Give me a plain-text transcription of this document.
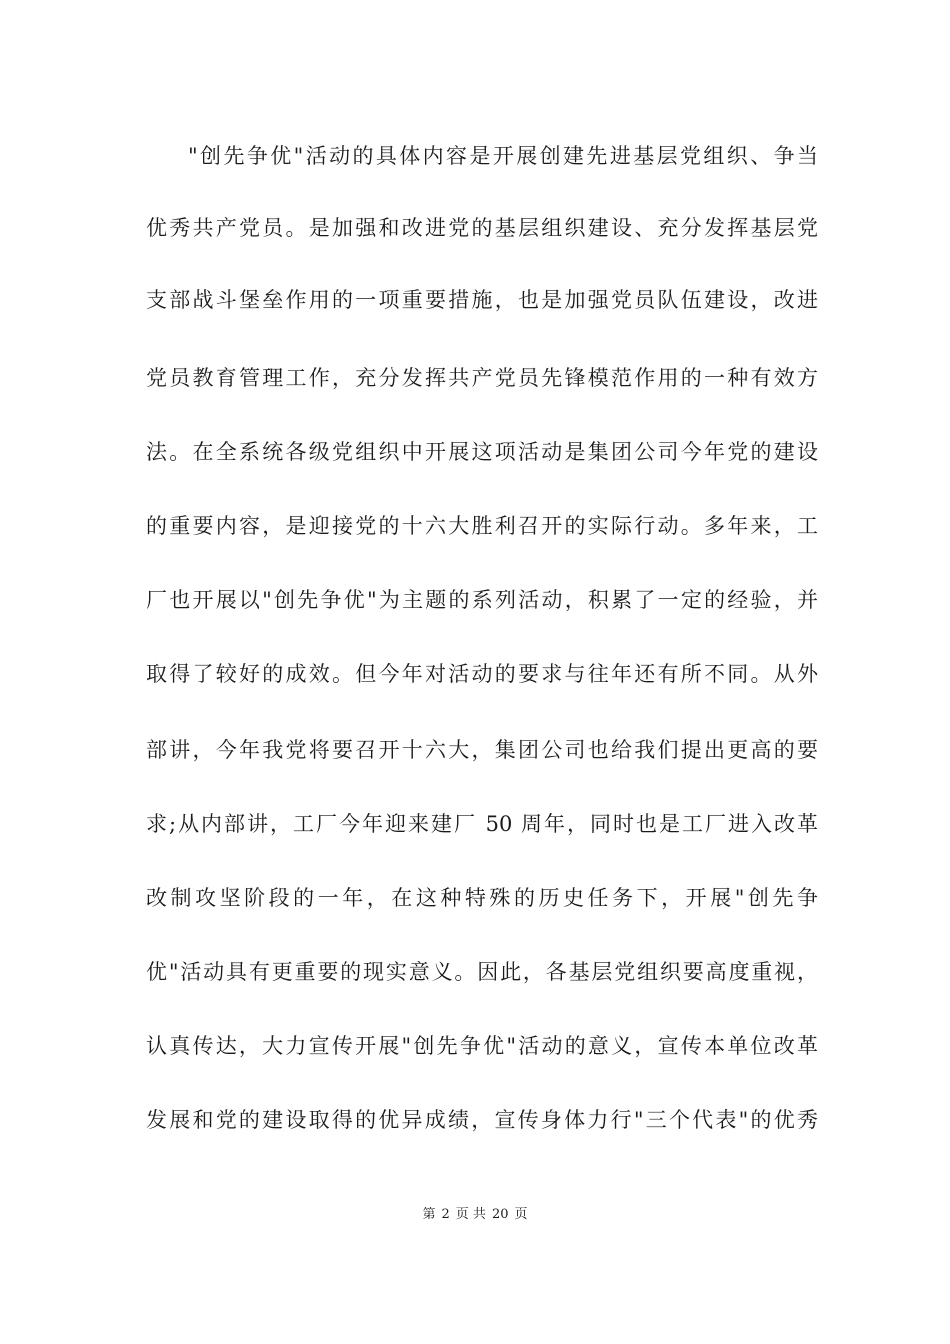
"创先争优"活动的具体内容是开展创建先进基层党组织、争当
优秀共产党员。是加强和改进党的基层组织建设、充分发挥基层党
支部战斗堡垒作用的一项重要措施，也是加强党员队伍建设，改进
党员教育管理工作，充分发挥共产党员先锋模范作用的一种有效方
法。在全系统各级党组织中开展这项活动是集团公司今年党的建设
的重要内容，是迎接党的十六大胜利召开的实际行动。多年来，工
厂也开展以"创先争优"为主题的系列活动，积累了一定的经验，并
取得了较好的成效。但今年对活动的要求与往年还有所不同。从外
部讲，今年我党将要召开十六大，集团公司也给我们提出更高的要
求;从内部讲，工厂今年迎来建厂 50 周年，同时也是工厂进入改革
改制攻坚阶段的一年，在这种特殊的历史任务下，开展"创先争
优"活动具有更重要的现实意义。因此，各基层党组织要高度重视，
认真传达，大力宣传开展"创先争优"活动的意义，宣传本单位改革
发展和党的建设取得的优异成绩，宣传身体力行"三个代表"的优秀
第 2 页 共 20 页
